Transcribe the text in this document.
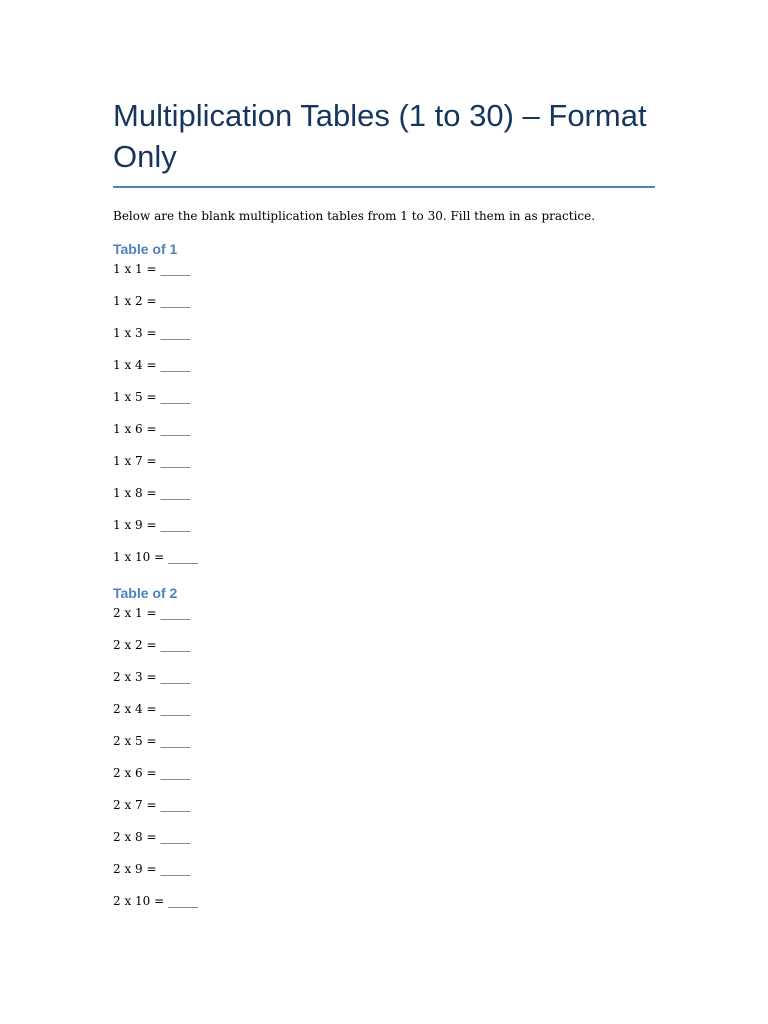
Multiplication Tables (1 to 30) – Format Only

Below are the blank multiplication tables from 1 to 30. Fill them in as practice.

Table of 1
1 x 1 = _____
1 x 2 = _____
1 x 3 = _____
1 x 4 = _____
1 x 5 = _____
1 x 6 = _____
1 x 7 = _____
1 x 8 = _____
1 x 9 = _____
1 x 10 = _____
Table of 2
2 x 1 = _____
2 x 2 = _____
2 x 3 = _____
2 x 4 = _____
2 x 5 = _____
2 x 6 = _____
2 x 7 = _____
2 x 8 = _____
2 x 9 = _____
2 x 10 = _____
